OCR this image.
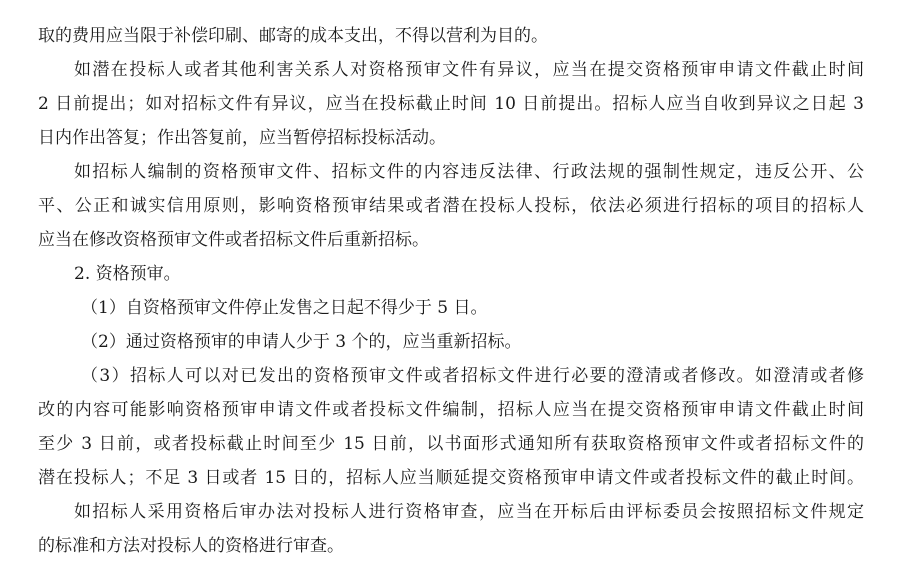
取的费用应当限于补偿印刷、邮寄的成本支出，不得以营利为目的。
如潜在投标人或者其他利害关系人对资格预审文件有异议，应当在提交资格预审申请文件截止时间
2 日前提出；如对招标文件有异议，应当在投标截止时间 10 日前提出。招标人应当自收到异议之日起 3
日内作出答复；作出答复前，应当暂停招标投标活动。
如招标人编制的资格预审文件、招标文件的内容违反法律、行政法规的强制性规定，违反公开、公
平、公正和诚实信用原则，影响资格预审结果或者潜在投标人投标，依法必须进行招标的项目的招标人
应当在修改资格预审文件或者招标文件后重新招标。
2. 资格预审。
（1）自资格预审文件停止发售之日起不得少于 5 日。
（2）通过资格预审的申请人少于 3 个的，应当重新招标。
（3）招标人可以对已发出的资格预审文件或者招标文件进行必要的澄清或者修改。如澄清或者修
改的内容可能影响资格预审申请文件或者投标文件编制，招标人应当在提交资格预审申请文件截止时间
至少 3 日前，或者投标截止时间至少 15 日前，以书面形式通知所有获取资格预审文件或者招标文件的
潜在投标人；不足 3 日或者 15 日的，招标人应当顺延提交资格预审申请文件或者投标文件的截止时间。
如招标人采用资格后审办法对投标人进行资格审查，应当在开标后由评标委员会按照招标文件规定
的标准和方法对投标人的资格进行审查。
